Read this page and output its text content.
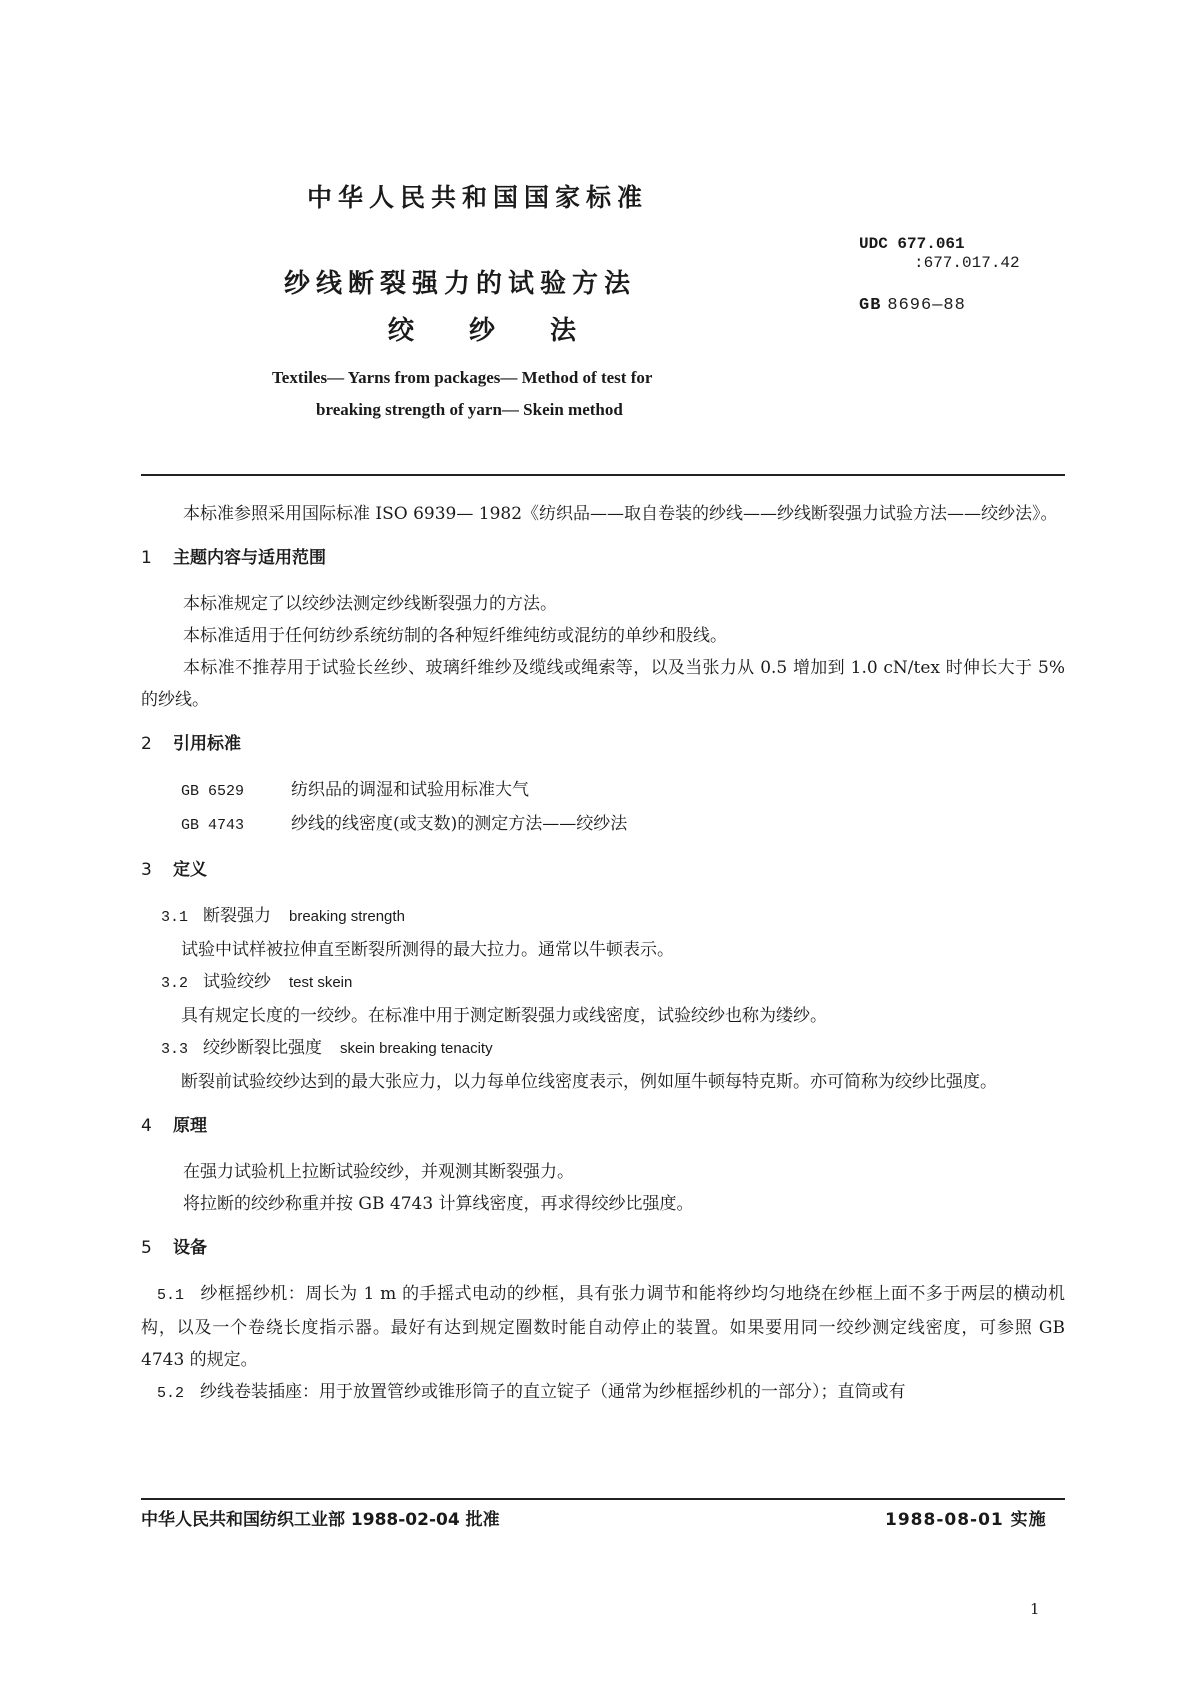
中华人民共和国国家标准
纱线断裂强力的试验方法
绞 纱 法
UDC 677.061
:677.017.42
GB 8696—88
Textiles— Yarns from packages— Method of test for
breaking strength of yarn— Skein method

本标准参照采用国际标准 ISO 6939— 1982《纺织品——取自卷装的纱线——纱线断裂强力试验方法——绞纱法》。

1 主题内容与适用范围

本标准规定了以绞纱法测定纱线断裂强力的方法。

本标准适用于任何纺纱系统纺制的各种短纤维纯纺或混纺的单纱和股线。

本标准不推荐用于试验长丝纱、玻璃纤维纱及缆线或绳索等，以及当张力从 0.5 增加到 1.0 cN/tex 时伸长大于 5%的纱线。

2 引用标准

GB 6529	纺织品的调湿和试验用标准大气

GB 4743	纱线的线密度(或支数)的测定方法——绞纱法

3 定义

3.1 断裂强力 breaking strength

试验中试样被拉伸直至断裂所测得的最大拉力。通常以牛顿表示。

3.2 试验绞纱 test skein

具有规定长度的一绞纱。在标准中用于测定断裂强力或线密度，试验绞纱也称为缕纱。

3.3 绞纱断裂比强度 skein breaking tenacity

断裂前试验绞纱达到的最大张应力，以力每单位线密度表示，例如厘牛顿每特克斯。亦可简称为绞纱比强度。

4 原理

在强力试验机上拉断试验绞纱，并观测其断裂强力。

将拉断的绞纱称重并按 GB 4743 计算线密度，再求得绞纱比强度。

5 设备

5.1 纱框摇纱机：周长为 1 m 的手摇式电动的纱框，具有张力调节和能将纱均匀地绕在纱框上面不多于两层的横动机构，以及一个卷绕长度指示器。最好有达到规定圈数时能自动停止的装置。如果要用同一绞纱测定线密度，可参照 GB 4743 的规定。

5.2 纱线卷装插座：用于放置管纱或锥形筒子的直立锭子（通常为纱框摇纱机的一部分）；直筒或有

中华人民共和国纺织工业部 1988-02-04 批准	1988-08-01 实施
1
